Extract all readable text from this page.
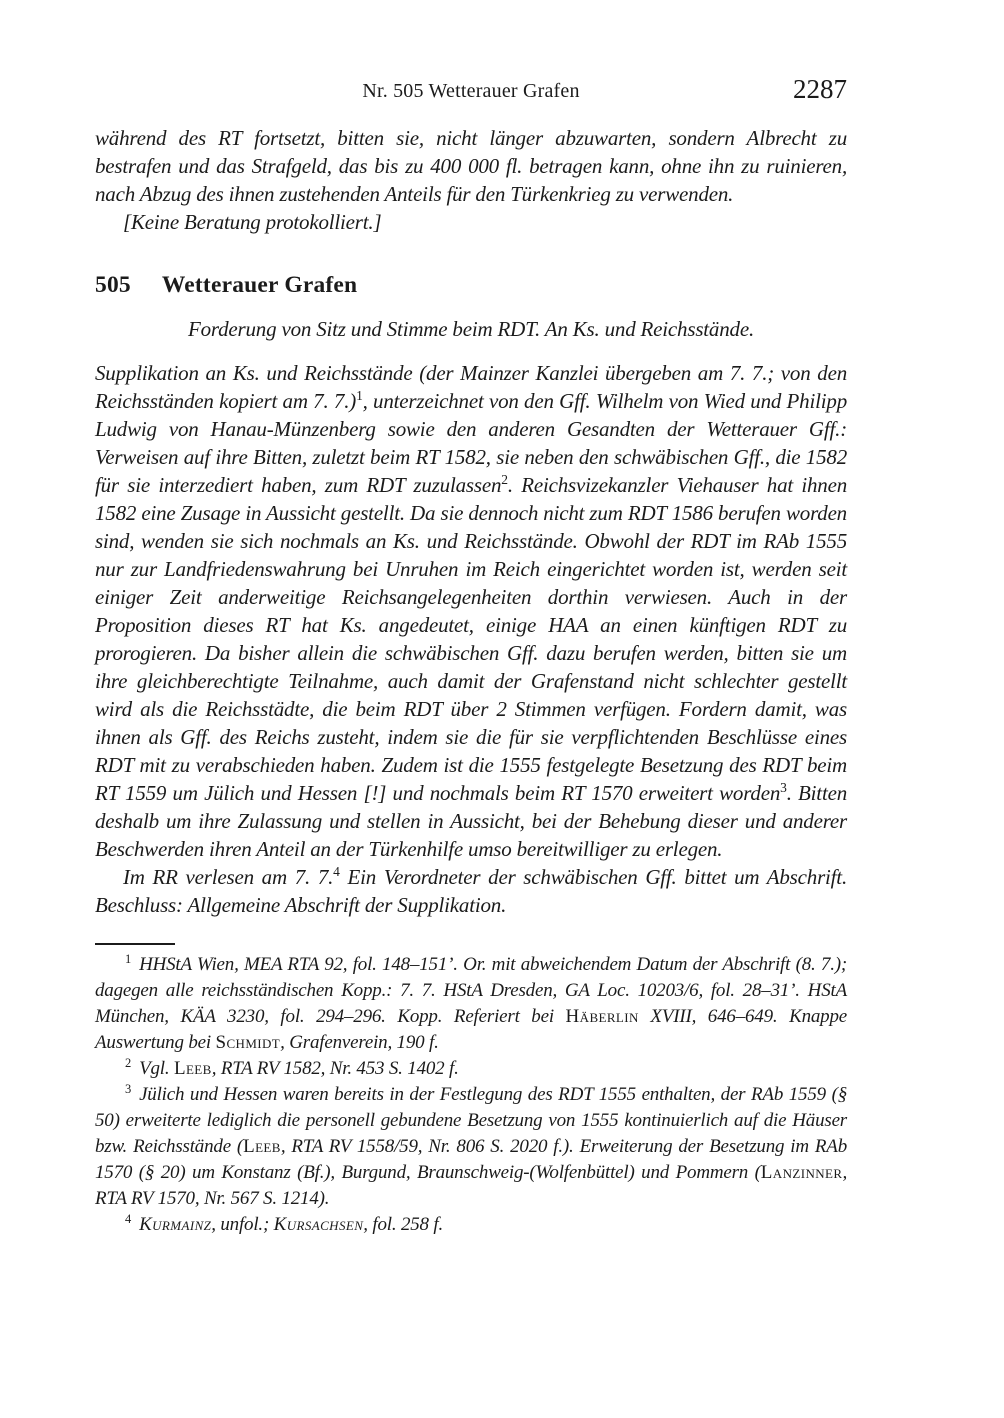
Nr. 505 Wetterauer Grafen	2287

während des RT fortsetzt, bitten sie, nicht länger abzuwarten, sondern Albrecht zu bestrafen und das Strafgeld, das bis zu 400 000 fl. betragen kann, ohne ihn zu ruinieren, nach Abzug des ihnen zustehenden Anteils für den Türkenkrieg zu verwenden.

[Keine Beratung protokolliert.]

505 Wetterauer Grafen

Forderung von Sitz und Stimme beim RDT. An Ks. und Reichsstände.

Supplikation an Ks. und Reichsstände (der Mainzer Kanzlei übergeben am 7. 7.; von den Reichsständen kopiert am 7. 7.)$^1$, unterzeichnet von den Gff. Wilhelm von Wied und Philipp Ludwig von Hanau-Münzenberg sowie den anderen Gesandten der Wetterauer Gff.: Verweisen auf ihre Bitten, zuletzt beim RT 1582, sie neben den schwäbischen Gff., die 1582 für sie interzediert haben, zum RDT zuzulassen$^2$. Reichsvizekanzler Viehauser hat ihnen 1582 eine Zusage in Aussicht gestellt. Da sie dennoch nicht zum RDT 1586 berufen worden sind, wenden sie sich nochmals an Ks. und Reichsstände. Obwohl der RDT im RAb 1555 nur zur Landfriedenswahrung bei Unruhen im Reich eingerichtet worden ist, werden seit einiger Zeit anderweitige Reichsangelegenheiten dorthin verwiesen. Auch in der Proposition dieses RT hat Ks. angedeutet, einige HAA an einen künftigen RDT zu prorogieren. Da bisher allein die schwäbischen Gff. dazu berufen werden, bitten sie um ihre gleichberechtigte Teilnahme, auch damit der Grafenstand nicht schlechter gestellt wird als die Reichsstädte, die beim RDT über 2 Stimmen verfügen. Fordern damit, was ihnen als Gff. des Reichs zusteht, indem sie die für sie verpflichtenden Beschlüsse eines RDT mit zu verabschieden haben. Zudem ist die 1555 festgelegte Besetzung des RDT beim RT 1559 um Jülich und Hessen [!] und nochmals beim RT 1570 erweitert worden$^3$. Bitten deshalb um ihre Zulassung und stellen in Aussicht, bei der Behebung dieser und anderer Beschwerden ihren Anteil an der Türkenhilfe umso bereitwilliger zu erlegen.

Im RR verlesen am 7. 7.$^4$ Ein Verordneter der schwäbischen Gff. bittet um Abschrift. Beschluss: Allgemeine Abschrift der Supplikation.

$^1$ HHStA Wien, MEA RTA 92, fol. 148–151’. Or. mit abweichendem Datum der Abschrift (8. 7.); dagegen alle reichsständischen Kopp.: 7. 7. HStA Dresden, GA Loc. 10203/6, fol. 28–31’. HStA München, KÄA 3230, fol. 294–296. Kopp. Referiert bei Häberlin XVIII, 646–649. Knappe Auswertung bei Schmidt, Grafenverein, 190 f.

$^2$ Vgl. Leeb, RTA RV 1582, Nr. 453 S. 1402 f.

$^3$ Jülich und Hessen waren bereits in der Festlegung des RDT 1555 enthalten, der RAb 1559 (§ 50) erweiterte lediglich die personell gebundene Besetzung von 1555 kontinuierlich auf die Häuser bzw. Reichsstände (Leeb, RTA RV 1558/59, Nr. 806 S. 2020 f.). Erweiterung der Besetzung im RAb 1570 (§ 20) um Konstanz (Bf.), Burgund, Braunschweig-(Wolfenbüttel) und Pommern (Lanzinner, RTA RV 1570, Nr. 567 S. 1214).

$^4$ Kurmainz, unfol.; Kursachsen, fol. 258 f.
